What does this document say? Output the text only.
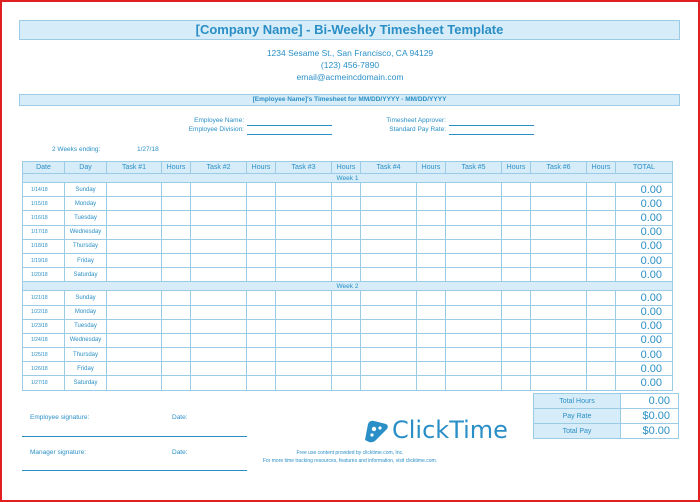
[Company Name] - Bi-Weekly Timesheet Template
1234 Sesame St., San Francisco, CA 94129
(123) 456-7890
email@acmeincdomain.com
[Employee Name]'s Timesheet for MM/DD/YYYY - MM/DD/YYYY
Employee Name:
Employee Division:
Timesheet Approver:
Standard Pay Rate:
2 Weeks ending:	1/27/18
Date	Day	Task #1	Hours	Task #2	Hours	Task #3	Hours	Task #4	Hours	Task #5	Hours	Task #6	Hours	TOTAL
Week 1														
1/14/18	Sunday													0.00
1/15/18	Monday													0.00
1/16/18	Tuesday													0.00
1/17/18	Wednesday													0.00
1/18/18	Thursday													0.00
1/19/18	Friday													0.00
1/20/18	Saturday													0.00
Week 2														
1/21/18	Sunday													0.00
1/22/18	Monday													0.00
1/23/18	Tuesday													0.00
1/24/18	Wednesday													0.00
1/25/18	Thursday													0.00
1/26/18	Friday													0.00
1/27/18	Saturday													0.00
Total Hours	0.00
Pay Rate	$0.00
Total Pay	$0.00
Employee signature:	Date:
Manager signature:	Date:
ClickTime
Free use content provided by clicktime.com, Inc.
For more time tracking resources, features and information, visit clicktime.com.
